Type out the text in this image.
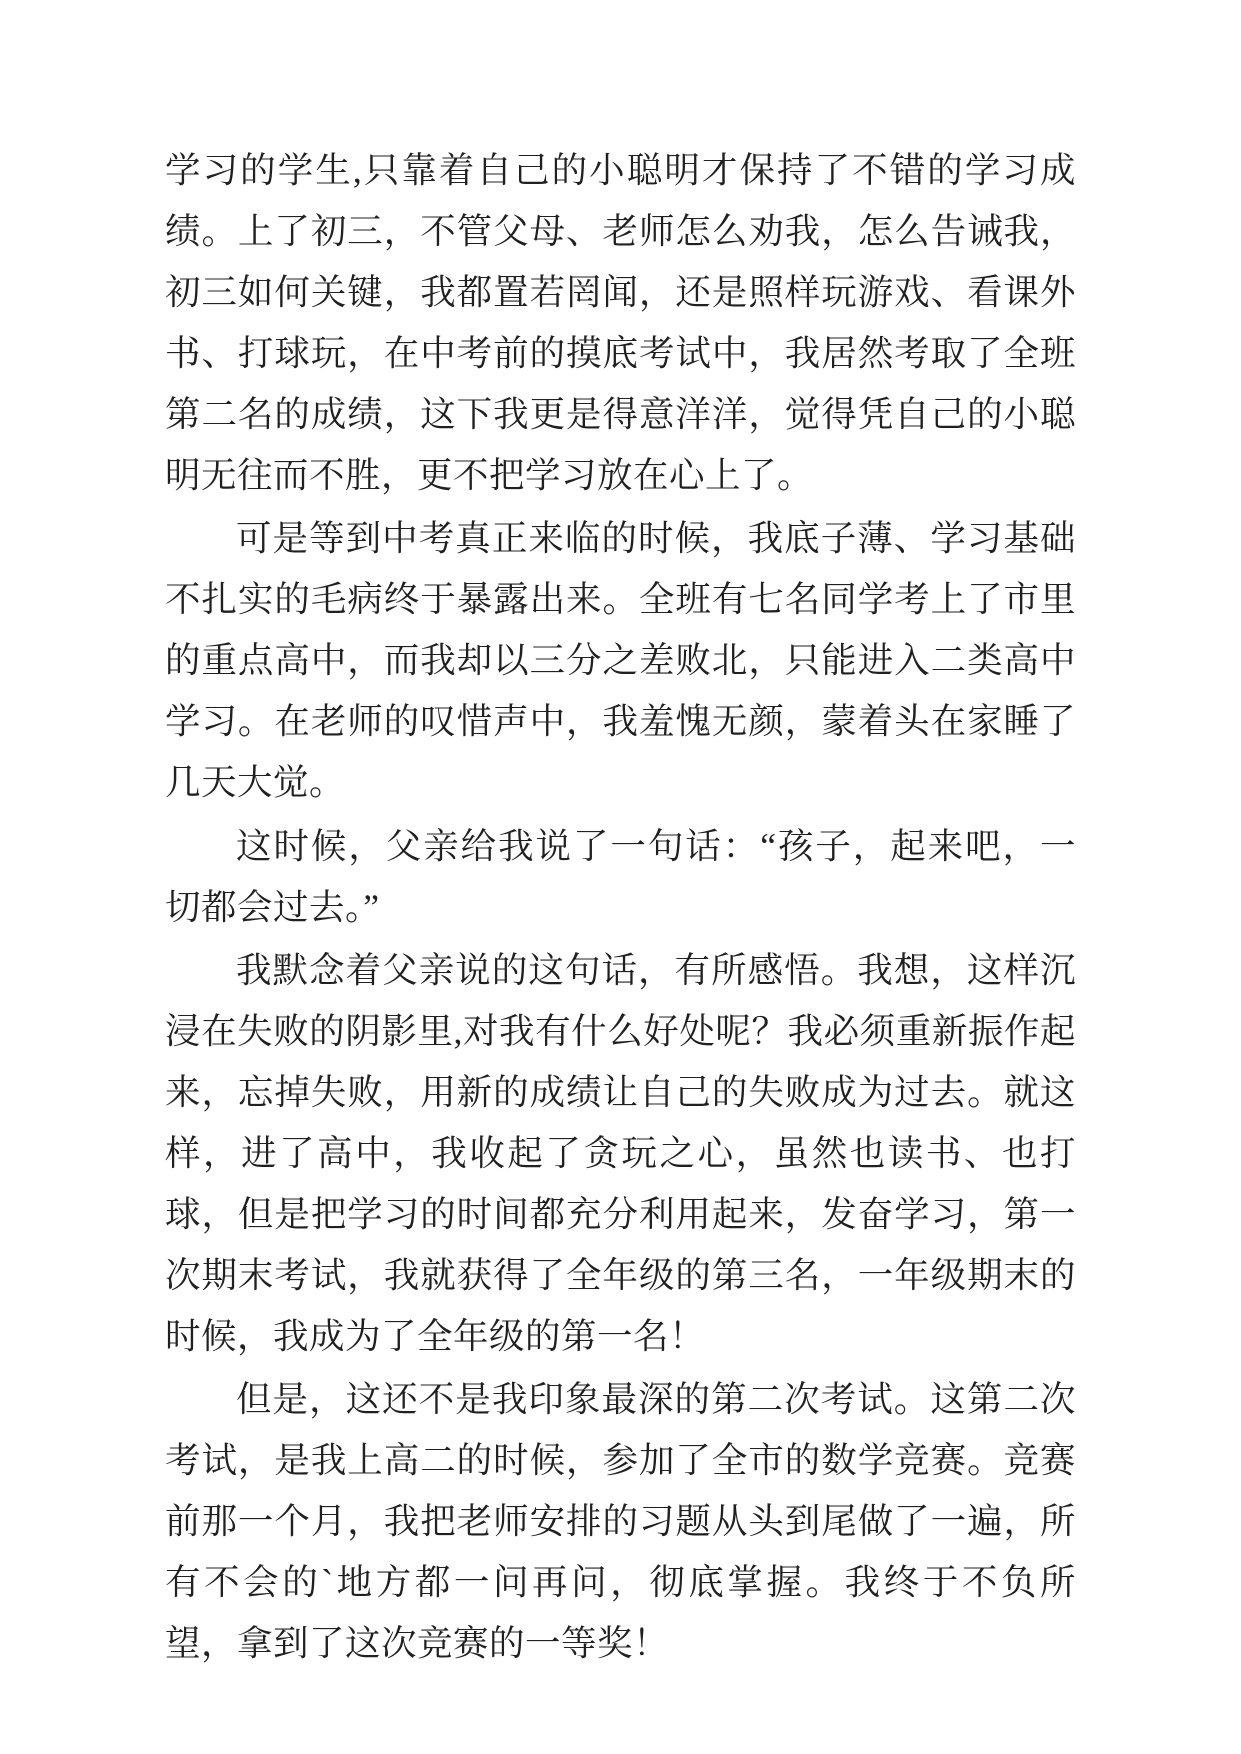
学习的学生,只靠着自己的小聪明才保持了不错的学习成绩。上了初三，不管父母、老师怎么劝我，怎么告诫我，初三如何关键，我都置若罔闻，还是照样玩游戏、看课外书、打球玩，在中考前的摸底考试中，我居然考取了全班第二名的成绩，这下我更是得意洋洋，觉得凭自己的小聪明无往而不胜，更不把学习放在心上了。

可是等到中考真正来临的时候，我底子薄、学习基础不扎实的毛病终于暴露出来。全班有七名同学考上了市里的重点高中，而我却以三分之差败北，只能进入二类高中学习。在老师的叹惜声中，我羞愧无颜，蒙着头在家睡了几天大觉。

这时候，父亲给我说了一句话：“孩子，起来吧，一切都会过去。”

我默念着父亲说的这句话，有所感悟。我想，这样沉浸在失败的阴影里,对我有什么好处呢？我必须重新振作起来，忘掉失败，用新的成绩让自己的失败成为过去。就这样，进了高中，我收起了贪玩之心，虽然也读书、也打球，但是把学习的时间都充分利用起来，发奋学习，第一次期末考试，我就获得了全年级的第三名，一年级期末的时候，我成为了全年级的第一名！

但是，这还不是我印象最深的第二次考试。这第二次考试，是我上高二的时候，参加了全市的数学竞赛。竞赛前那一个月，我把老师安排的习题从头到尾做了一遍，所有不会的`地方都一问再问，彻底掌握。我终于不负所望，拿到了这次竞赛的一等奖！
